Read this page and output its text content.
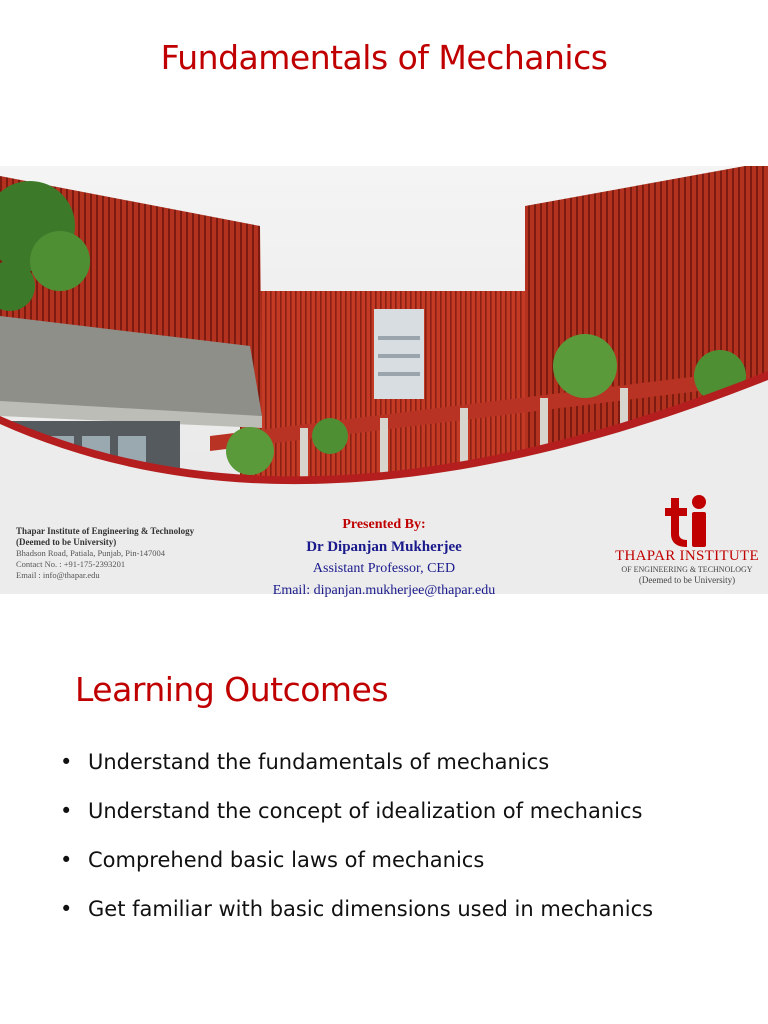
Fundamentals of Mechanics
Thapar Institute of Engineering & Technology
(Deemed to be University)
Bhadson Road, Patiala, Punjab, Pin-147004
Contact No. : +91-175-2393201
Email : info@thapar.edu
Presented By:
Dr Dipanjan Mukherjee
Assistant Professor, CED
Email: dipanjan.mukherjee@thapar.edu
THAPAR INSTITUTE
OF ENGINEERING & TECHNOLOGY
(Deemed to be University)
Learning Outcomes
• Understand the fundamentals of mechanics
• Understand the concept of idealization of mechanics
• Comprehend basic laws of mechanics
• Get familiar with basic dimensions used in mechanics
